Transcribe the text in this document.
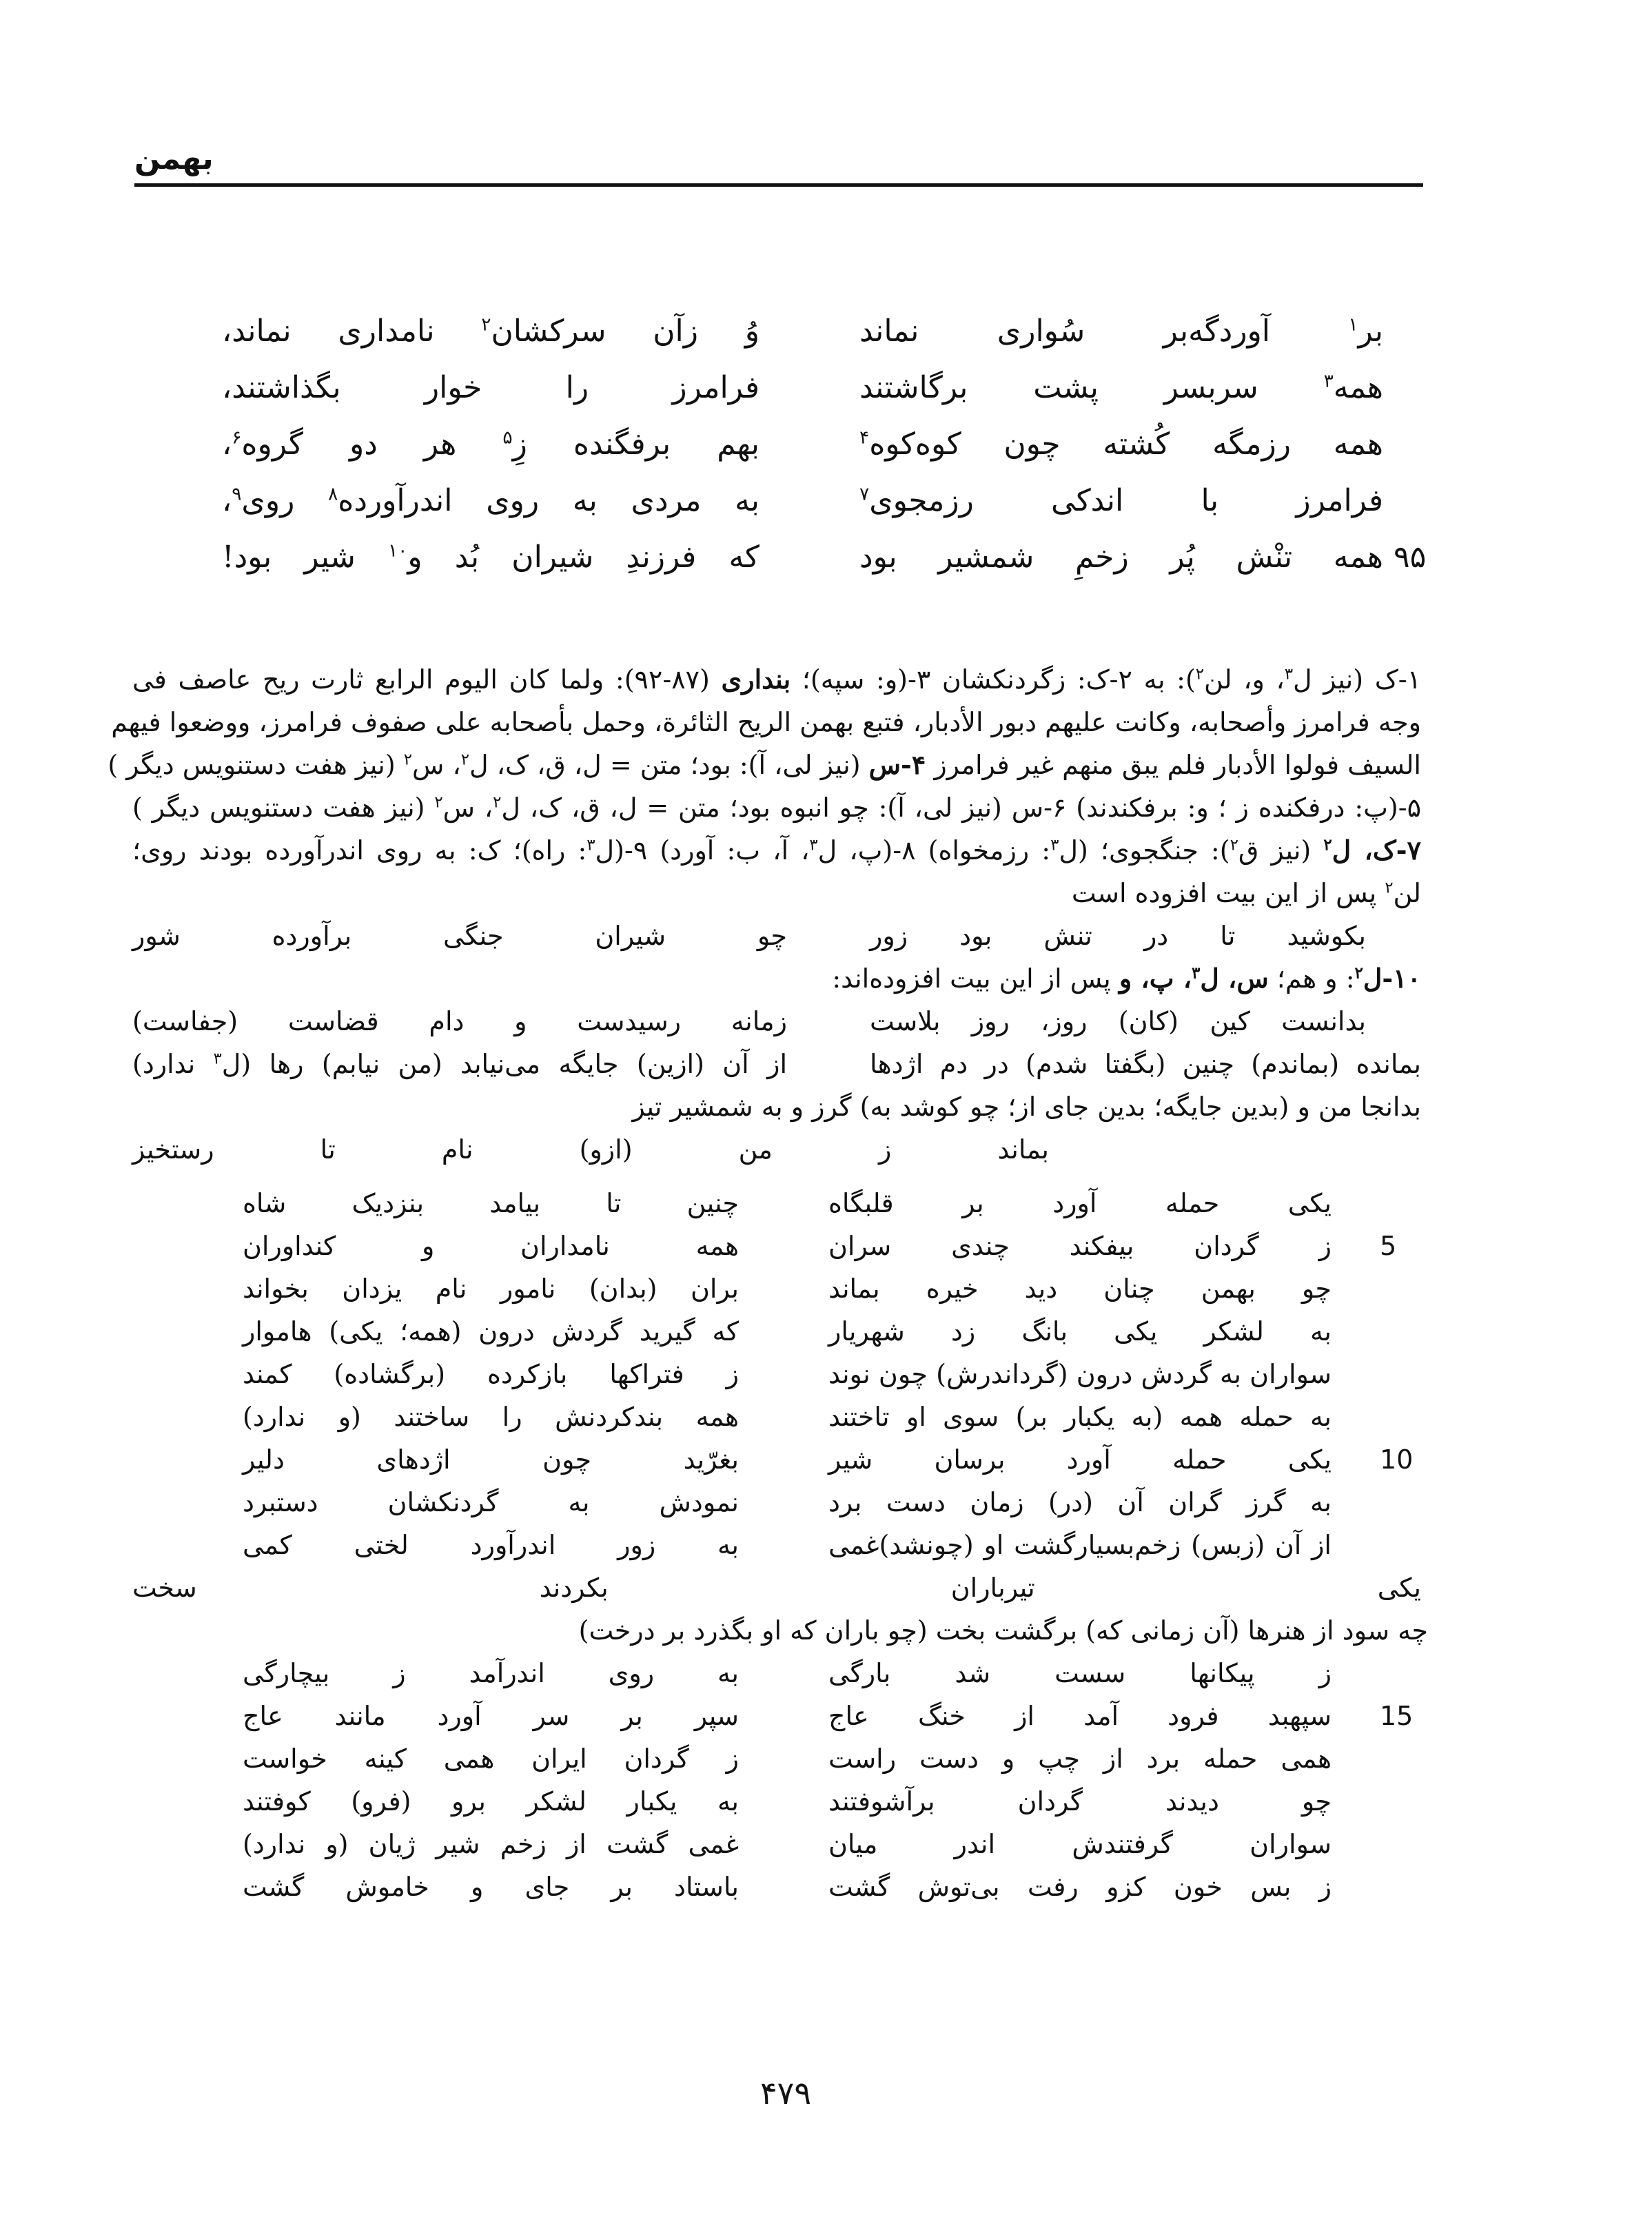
بهمن
بر$^۱$ آوردگه‌بر سُواری نماند
وُ زآن سرکشان$^۲$ نامداری نماند،
همه$^۳$ سربسر پشت برگاشتند
فرامرز را خوار بگذاشتند،
همه رزمگه کُشته چون کوه‌کوه$^۴$
بهم برفگنده زِ$^۵$ هر دو گروه$^۶$،
فرامرز با اندکی رزمجوی$^۷$
به مردی به روی اندرآورده$^۸$ روی$^۹$،
۹۵
همه تنْش پُر زخمِ شمشیر بود
که فرزندِ شیران بُد و$^{۱۰}$ شیر بود!
۱-ک (نیز ل$^۳$، و، لن$^۲$): به ۲-ک: زگردنکشان ۳-(و: سپه)؛ بنداری (۸۷-۹۲): ولما کان الیوم الرابع ثارت ریح عاصف فی
وجه فرامرز وأصحابه، وکانت علیهم دبور الأدبار، فتبع بهمن الریح الثائرة، وحمل بأصحابه علی صفوف فرامرز، ووضعوا فیهم
السیف فولوا الأدبار فلم یبق منهم غیر فرامرز ۴-س (نیز لی، آ): بود؛ متن = ل، ق، ک، ل$^۲$، س$^۲$ (نیز هفت دستنویس دیگر )
۵-(پ: درفکنده ز ؛ و: برفکندند) ۶-س (نیز لی، آ): چو انبوه بود؛ متن = ل، ق، ک، ل$^۲$، س$^۲$ (نیز هفت دستنویس دیگر )
۷-ک، ل$^۲$ (نیز ق$^۲$): جنگجوی؛ (ل$^۳$: رزمخواه) ۸-(پ، ل$^۳$، آ، ب: آورد) ۹-(ل$^۳$: راه)؛ ک: به روی اندرآورده بودند روی؛
لن$^۲$ پس از این بیت افزوده است
بکوشید تا در تنش بود زور
چو شیران جنگی برآورده شور
۱۰-ل$^۲$: و هم؛ س، ل$^۳$، پ، و پس از این بیت افزوده‌اند:
بدانست کین (کان) روز، روز بلاست
زمانه رسیدست و دام قضاست (جفاست)
بمانده (بماندم) چنین (بگفتا شدم) در دم اژدها
از آن (ازین) جایگه می‌نیابد (من نیابم) رها (ل$^۳$ ندارد)
بدانجا من و (بدین جایگه؛ بدین جای از؛ چو کوشد به) گرز و به شمشیر تیز
بماند ز من (ازو) نام تا رستخیز
یکی حمله آورد بر قلبگاه
چنین تا بیامد بنزدیک شاه
5
ز گردان بیفکند چندی سران
همه نامداران و کنداوران
چو بهمن چنان دید خیره بماند
بران (بدان) نامور نام یزدان بخواند
به لشکر یکی بانگ زد شهریار
که گیرید گردش درون (همه؛ یکی) هاموار
سواران به گردش درون (گرداندرش) چون نوند
ز فتراکها بازکرده (برگشاده) کمند
به حمله همه (به یکبار بر) سوی او تاختند
همه بندکردنش را ساختند (و ندارد)
10
یکی حمله آورد برسان شیر
بغرّید چون اژدهای دلیر
به گرز گران آن (در) زمان دست برد
نمودش به گردنکشان دستبرد
از آن (زبس) زخم‌بسیارگشت او (چونشد)غمی
به زور اندرآورد لختی کمی
یکی تیرباران بکردند سخت
چه سود از هنرها (آن زمانی که) برگشت بخت (چو باران که او بگذرد بر درخت)
ز پیکانها سست شد بارگی
به روی اندرآمد ز بیچارگی
15
سپهبد فرود آمد از خنگ عاج
سپر بر سر آورد مانند عاج
همی حمله برد از چپ و دست راست
ز گردان ایران همی کینه خواست
چو دیدند گردان برآشوفتند
به یکبار لشکر برو (فرو) کوفتند
سواران گرفتندش اندر میان
غمی گشت از زخم شیر ژیان (و ندارد)
ز بس خون کزو رفت بی‌توش گشت
باستاد بر جای و خاموش گشت
۴۷۹
